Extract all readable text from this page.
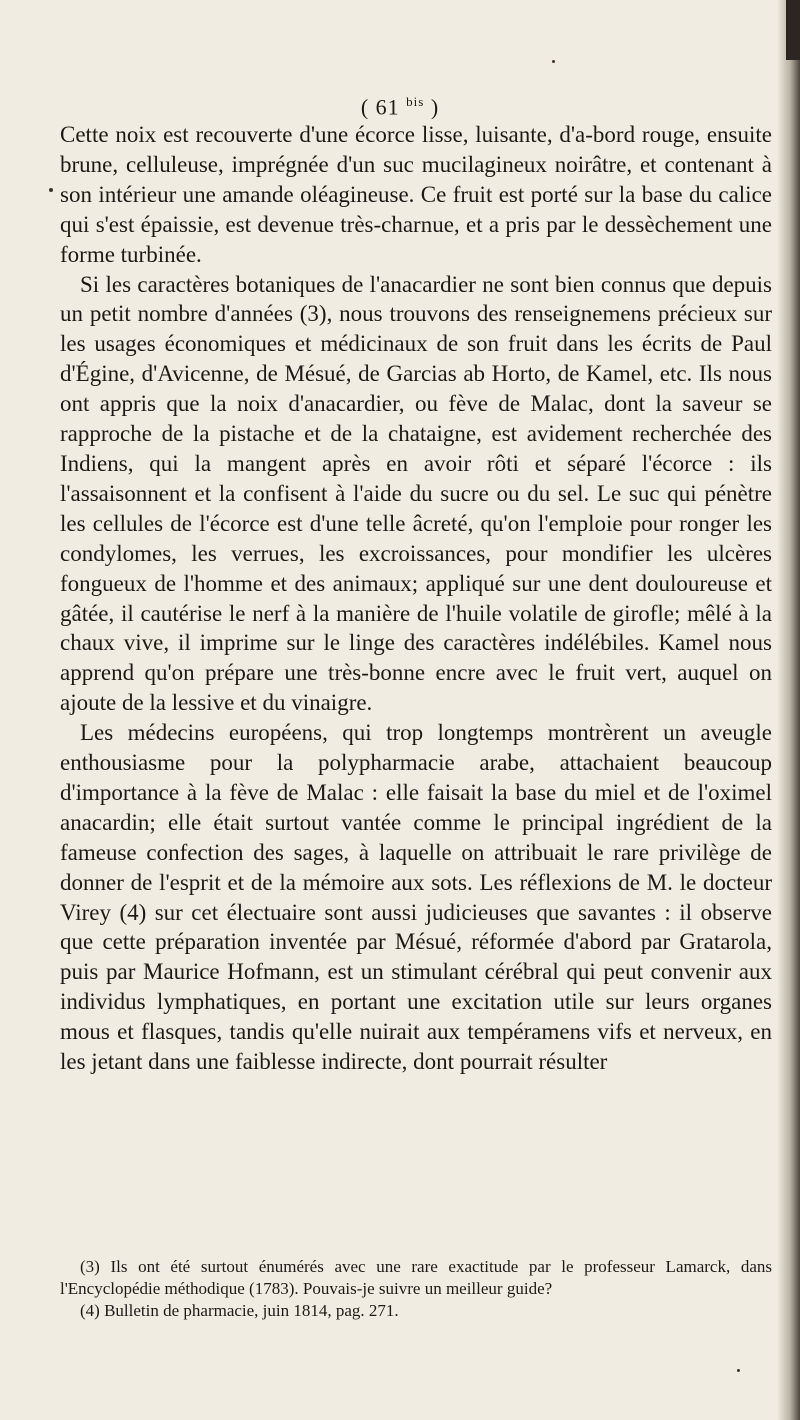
( 61 $^{bis}$ )

Cette noix est recouverte d'une écorce lisse, luisante, d'a-bord rouge, ensuite brune, celluleuse, imprégnée d'un suc mucilagineux noirâtre, et contenant à son intérieur une amande oléagineuse. Ce fruit est porté sur la base du calice qui s'est épaissie, est devenue très-charnue, et a pris par le dessèchement une forme turbinée.

Si les caractères botaniques de l'anacardier ne sont bien connus que depuis un petit nombre d'années (3), nous trouvons des renseignemens précieux sur les usages économiques et médicinaux de son fruit dans les écrits de Paul d'Égine, d'Avicenne, de Mésué, de Garcias ab Horto, de Kamel, etc. Ils nous ont appris que la noix d'anacardier, ou fève de Malac, dont la saveur se rapproche de la pistache et de la chataigne, est avidement recherchée des Indiens, qui la mangent après en avoir rôti et séparé l'écorce : ils l'assaisonnent et la confisent à l'aide du sucre ou du sel. Le suc qui pénètre les cellules de l'écorce est d'une telle âcreté, qu'on l'emploie pour ronger les condylomes, les verrues, les excroissances, pour mondifier les ulcères fongueux de l'homme et des animaux; appliqué sur une dent douloureuse et gâtée, il cautérise le nerf à la manière de l'huile volatile de girofle; mêlé à la chaux vive, il imprime sur le linge des caractères indélébiles. Kamel nous apprend qu'on prépare une très-bonne encre avec le fruit vert, auquel on ajoute de la lessive et du vinaigre.

Les médecins européens, qui trop longtemps montrèrent un aveugle enthousiasme pour la polypharmacie arabe, attachaient beaucoup d'importance à la fève de Malac : elle faisait la base du miel et de l'oximel anacardin; elle était surtout vantée comme le principal ingrédient de la fameuse confection des sages, à laquelle on attribuait le rare privilège de donner de l'esprit et de la mémoire aux sots. Les réflexions de M. le docteur Virey (4) sur cet électuaire sont aussi judicieuses que savantes : il observe que cette préparation inventée par Mésué, réformée d'abord par Gratarola, puis par Maurice Hofmann, est un stimulant cérébral qui peut convenir aux individus lymphatiques, en portant une excitation utile sur leurs organes mous et flasques, tandis qu'elle nuirait aux tempéramens vifs et nerveux, en les jetant dans une faiblesse indirecte, dont pourrait résulter

(3) Ils ont été surtout énumérés avec une rare exactitude par le professeur Lamarck, dans l'Encyclopédie méthodique (1783). Pouvais-je suivre un meilleur guide?

(4) Bulletin de pharmacie, juin 1814, pag. 271.
